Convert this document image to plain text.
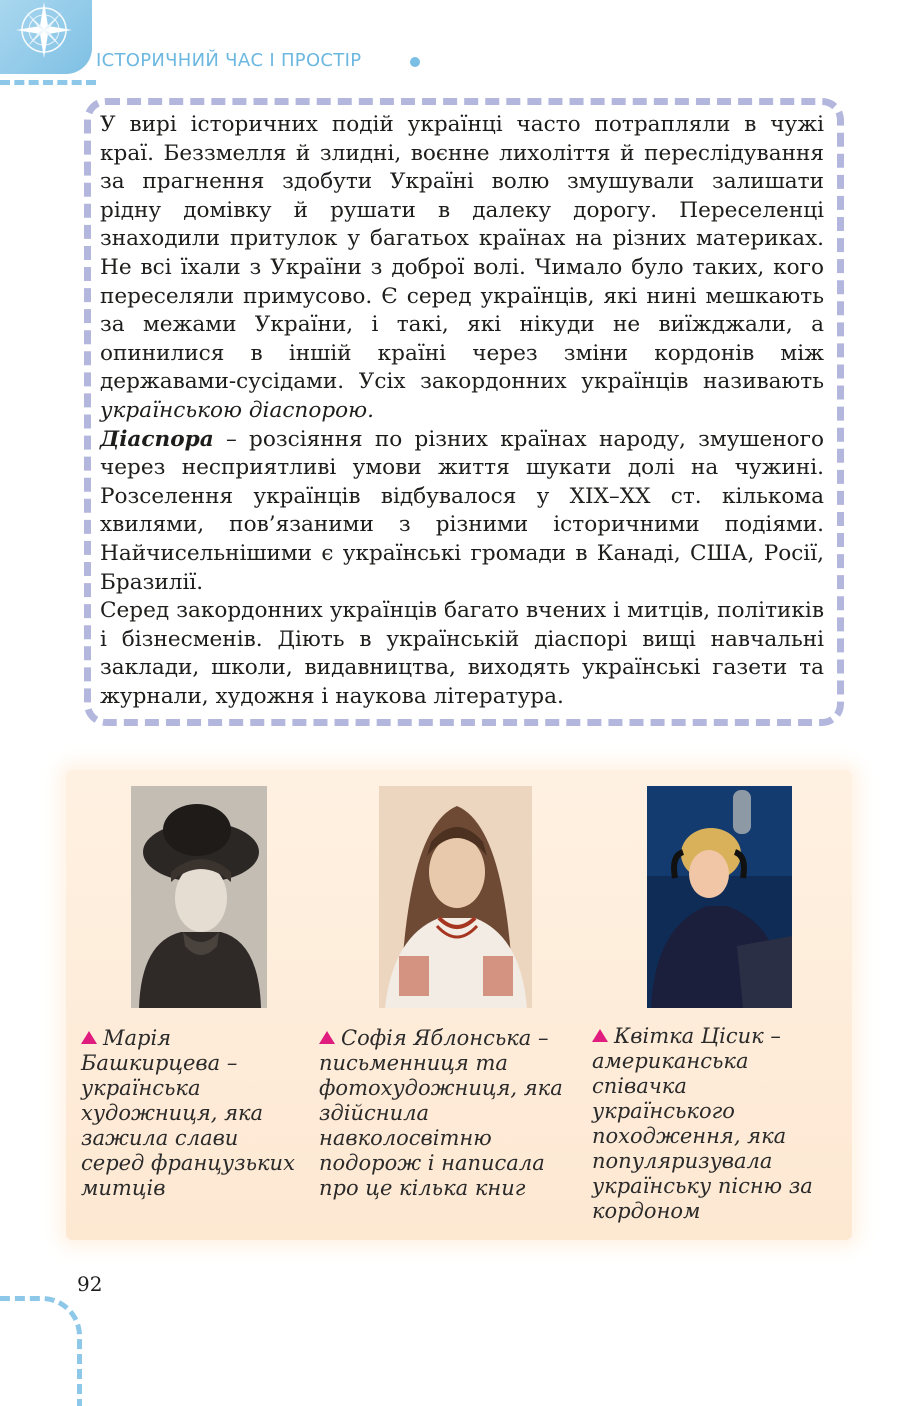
ІСТОРИЧНИЙ ЧАС І ПРОСТІР

У вирі історичних подій українці часто потрапляли в чужі краї. Беззмелля й злидні, воєнне лихоліття й переслідування за прагнення здобути Україні волю змушували залишати рідну домівку й рушати в далеку дорогу. Переселенці знаходили притулок у багатьох країнах на різних материках. Не всі їхали з України з доброї волі. Чимало було таких, кого переселяли примусово. Є серед українців, які нині мешкають за межами України, і такі, які нікуди не виїжджали, а опинилися в іншій країні через зміни кордонів між державами-сусідами. Усіх закордонних українців називають українською діаспорою.

Діаспора – розсіяння по різних країнах народу, змушеного через несприятливі умови життя шукати долі на чужині. Розселення українців відбувалося у XIX–XX ст. кількома хвилями, пов’язаними з різними історичними подіями. Найчисельнішими є українські громади в Канаді, США, Росії, Бразилії.

Серед закордонних українців багато вчених і митців, політиків і бізнесменів. Діють в українській діаспорі вищі навчальні заклади, школи, видавництва, виходять українські газети та журнали, художня і наукова література.

Марія Башкирцева – українська художниця, яка зажила слави серед французьких митців
Софія Яблонська – письменниця та фотохудожниця, яка здійснила навколосвітню подорож і написала про це кілька книг
Квітка Цісик – американська співачка українського походження, яка популяризувала українську пісню за кордоном
92
